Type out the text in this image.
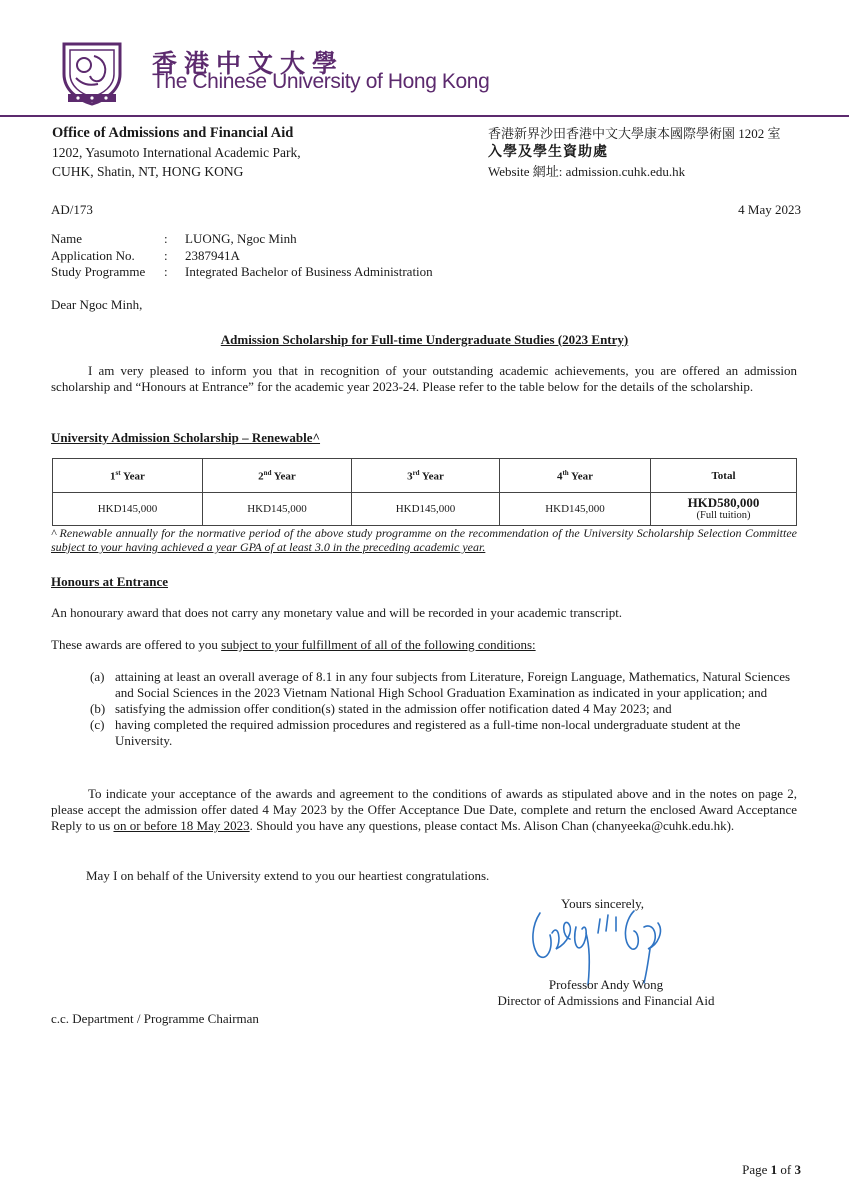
香港中文大學
The Chinese University of Hong Kong
Office of Admissions and Financial Aid
1202, Yasumoto International Academic Park,
CUHK, Shatin, NT, HONG KONG
香港新界沙田香港中文大學康本國際學術園 1202 室
入學及學生資助處
Website 網址: admission.cuhk.edu.hk
AD/173	4 May 2023
Name	:	LUONG, Ngoc Minh
Application No.	:	2387941A
Study Programme	:	Integrated Bachelor of Business Administration
Dear Ngoc Minh,
Admission Scholarship for Full-time Undergraduate Studies (2023 Entry)
I am very pleased to inform you that in recognition of your outstanding academic achievements, you are offered an admission scholarship and “Honours at Entrance” for the academic year 2023-24. Please refer to the table below for the details of the scholarship.
University Admission Scholarship – Renewable^
1st Year	2nd Year	3rd Year	4th Year	Total
HKD145,000	HKD145,000	HKD145,000	HKD145,000	HKD580,000
(Full tuition)
^ Renewable annually for the normative period of the above study programme on the recommendation of the University Scholarship Selection Committee subject to your having achieved a year GPA of at least 3.0 in the preceding academic year.
Honours at Entrance
An honourary award that does not carry any monetary value and will be recorded in your academic transcript.
These awards are offered to you subject to your fulfillment of all of the following conditions:
(a) attaining at least an overall average of 8.1 in any four subjects from Literature, Foreign Language, Mathematics, Natural Sciences and Social Sciences in the 2023 Vietnam National High School Graduation Examination as indicated in your application; and
(b) satisfying the admission offer condition(s) stated in the admission offer notification dated 4 May 2023; and
(c) having completed the required admission procedures and registered as a full-time non-local undergraduate student at the University.
To indicate your acceptance of the awards and agreement to the conditions of awards as stipulated above and in the notes on page 2, please accept the admission offer dated 4 May 2023 by the Offer Acceptance Due Date, complete and return the enclosed Award Acceptance Reply to us on or before 18 May 2023. Should you have any questions, please contact Ms. Alison Chan (chanyeeka@cuhk.edu.hk).
May I on behalf of the University extend to you our heartiest congratulations.
Yours sincerely,
Professor Andy Wong
Director of Admissions and Financial Aid
c.c. Department / Programme Chairman
Page 1 of 3
